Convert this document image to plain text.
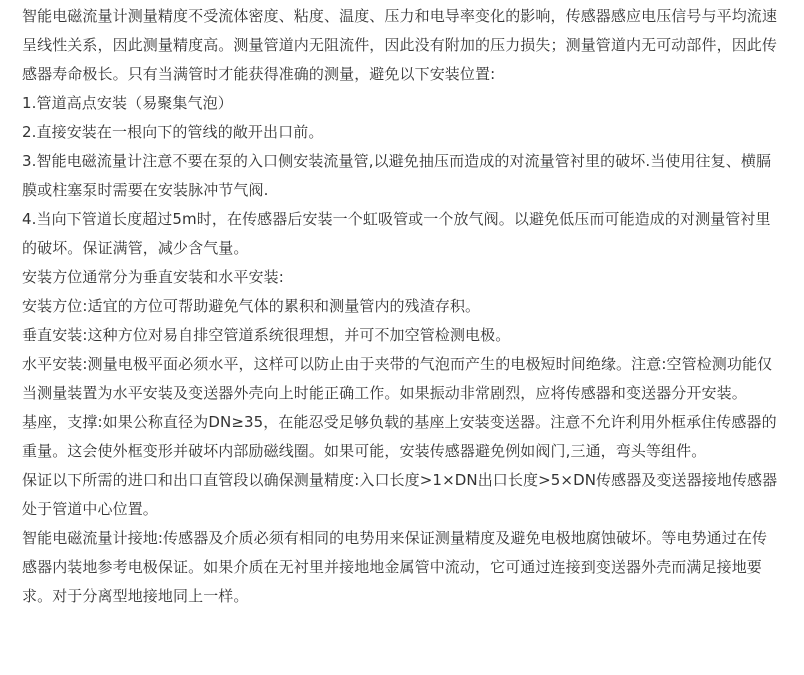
智能电磁流量计测量精度不受流体密度、粘度、温度、压力和电导率变化的影响，传感器感应电压信号与平均流速呈线性关系，因此测量精度高。测量管道内无阻流件，因此没有附加的压力损失；测量管道内无可动部件，因此传感器寿命极长。只有当满管时才能获得准确的测量，避免以下安装位置:

1.管道高点安装（易聚集气泡）

2.直接安装在一根向下的管线的敞开出口前。

3.智能电磁流量计注意不要在泵的入口侧安装流量管,以避免抽压而造成的对流量管衬里的破坏.当使用往复、横膈膜或柱塞泵时需要在安装脉冲节气阀.

4.当向下管道长度超过5m时，在传感器后安装一个虹吸管或一个放气阀。以避免低压而可能造成的对测量管衬里的破坏。保证满管，减少含气量。

安装方位通常分为垂直安装和水平安装:

安装方位:适宜的方位可帮助避免气体的累积和测量管内的残渣存积。

垂直安装:这种方位对易自排空管道系统很理想，并可不加空管检测电极。

水平安装:测量电极平面必须水平，这样可以防止由于夹带的气泡而产生的电极短时间绝缘。注意:空管检测功能仅当测量装置为水平安装及变送器外壳向上时能正确工作。如果振动非常剧烈，应将传感器和变送器分开安装。

基座，支撑:如果公称直径为DN≥35，在能忍受足够负载的基座上安装变送器。注意不允许利用外框承住传感器的重量。这会使外框变形并破坏内部励磁线圈。如果可能，安装传感器避免例如阀门,三通，弯头等组件。

保证以下所需的进口和出口直管段以确保测量精度:入口长度>1×DN出口长度>5×DN传感器及变送器接地传感器处于管道中心位置。

智能电磁流量计接地:传感器及介质必须有相同的电势用来保证测量精度及避免电极地腐蚀破坏。等电势通过在传感器内装地参考电极保证。如果介质在无衬里并接地地金属管中流动，它可通过连接到变送器外壳而满足接地要求。对于分离型地接地同上一样。
